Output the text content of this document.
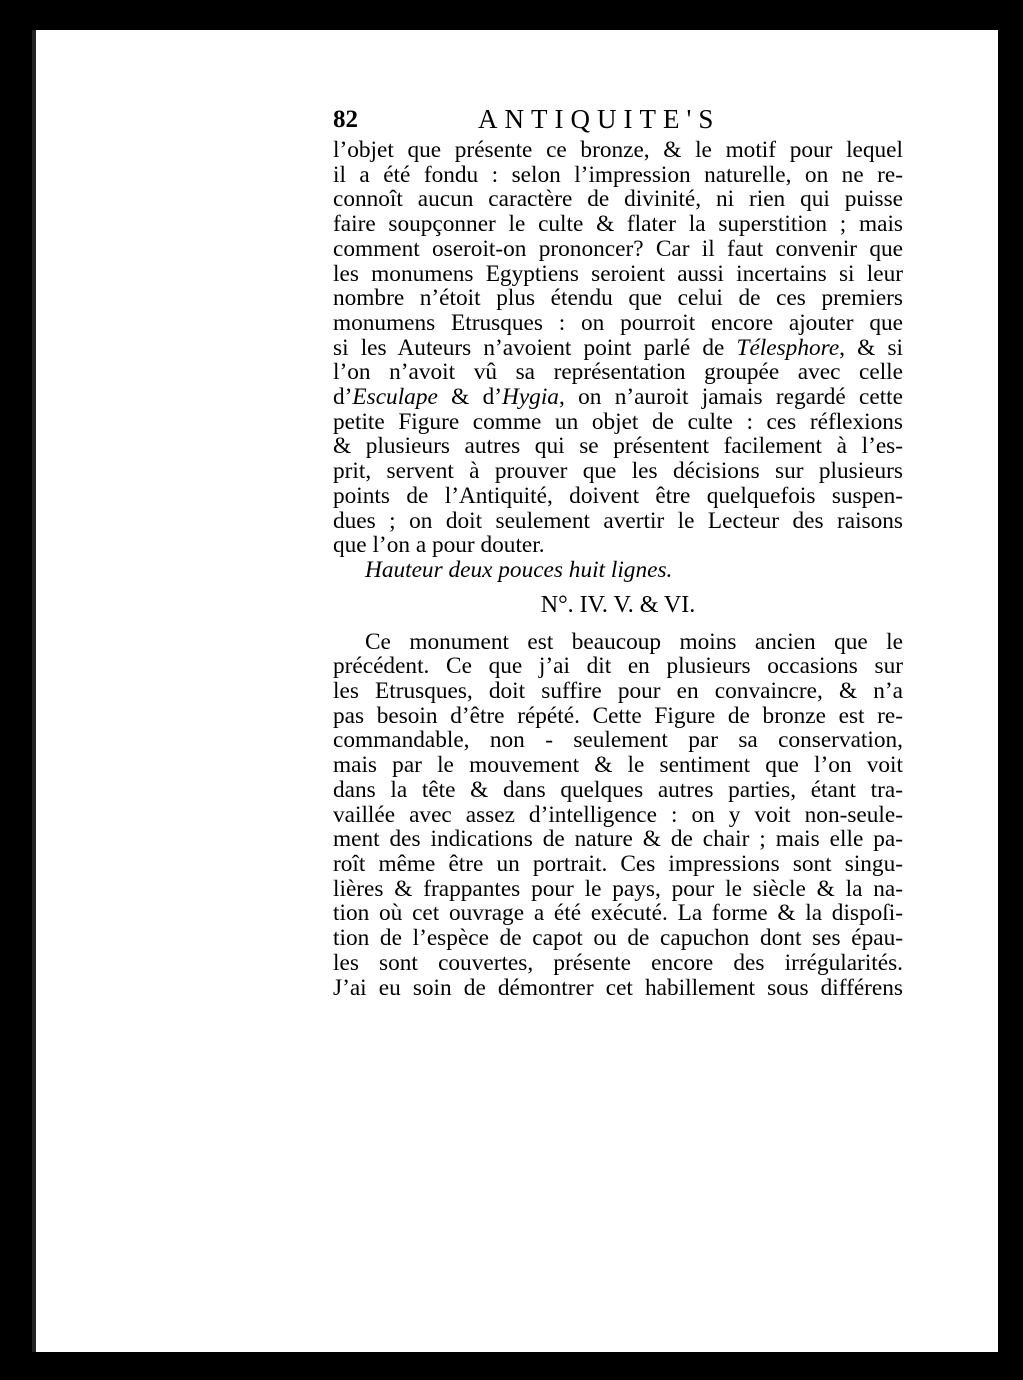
82	ANTIQUITE'S
l’objet que présente ce bronze, & le motif pour lequel
il a été fondu : selon l’impression naturelle, on ne re-
connoît aucun caractère de divinité, ni rien qui puisse
faire soupçonner le culte & flater la superstition ; mais
comment oseroit-on prononcer? Car il faut convenir que
les monumens Egyptiens seroient aussi incertains si leur
nombre n’étoit plus étendu que celui de ces premiers
monumens Etrusques : on pourroit encore ajouter que
si les Auteurs n’avoient point parlé de Télesphore, & si
l’on n’avoit vû sa représentation groupée avec celle
d’Esculape & d’Hygia, on n’auroit jamais regardé cette
petite Figure comme un objet de culte : ces réflexions
& plusieurs autres qui se présentent facilement à l’es-
prit, servent à prouver que les décisions sur plusieurs
points de l’Antiquité, doivent être quelquefois suspen-
dues ; on doit seulement avertir le Lecteur des raisons
que l’on a pour douter.
Hauteur deux pouces huit lignes.
N°. IV. V. & VI.
Ce monument est beaucoup moins ancien que le
précédent. Ce que j’ai dit en plusieurs occasions sur
les Etrusques, doit suffire pour en convaincre, & n’a
pas besoin d’être répété. Cette Figure de bronze est re-
commandable, non - seulement par sa conservation,
mais par le mouvement & le sentiment que l’on voit
dans la tête & dans quelques autres parties, étant tra-
vaillée avec assez d’intelligence : on y voit non-seule-
ment des indications de nature & de chair ; mais elle pa-
roît même être un portrait. Ces impressions sont singu-
lières & frappantes pour le pays, pour le siècle & la na-
tion où cet ouvrage a été exécuté. La forme & la dispoſi-
tion de l’espèce de capot ou de capuchon dont ses épau-
les sont couvertes, présente encore des irrégularités.
J’ai eu soin de démontrer cet habillement sous différens
